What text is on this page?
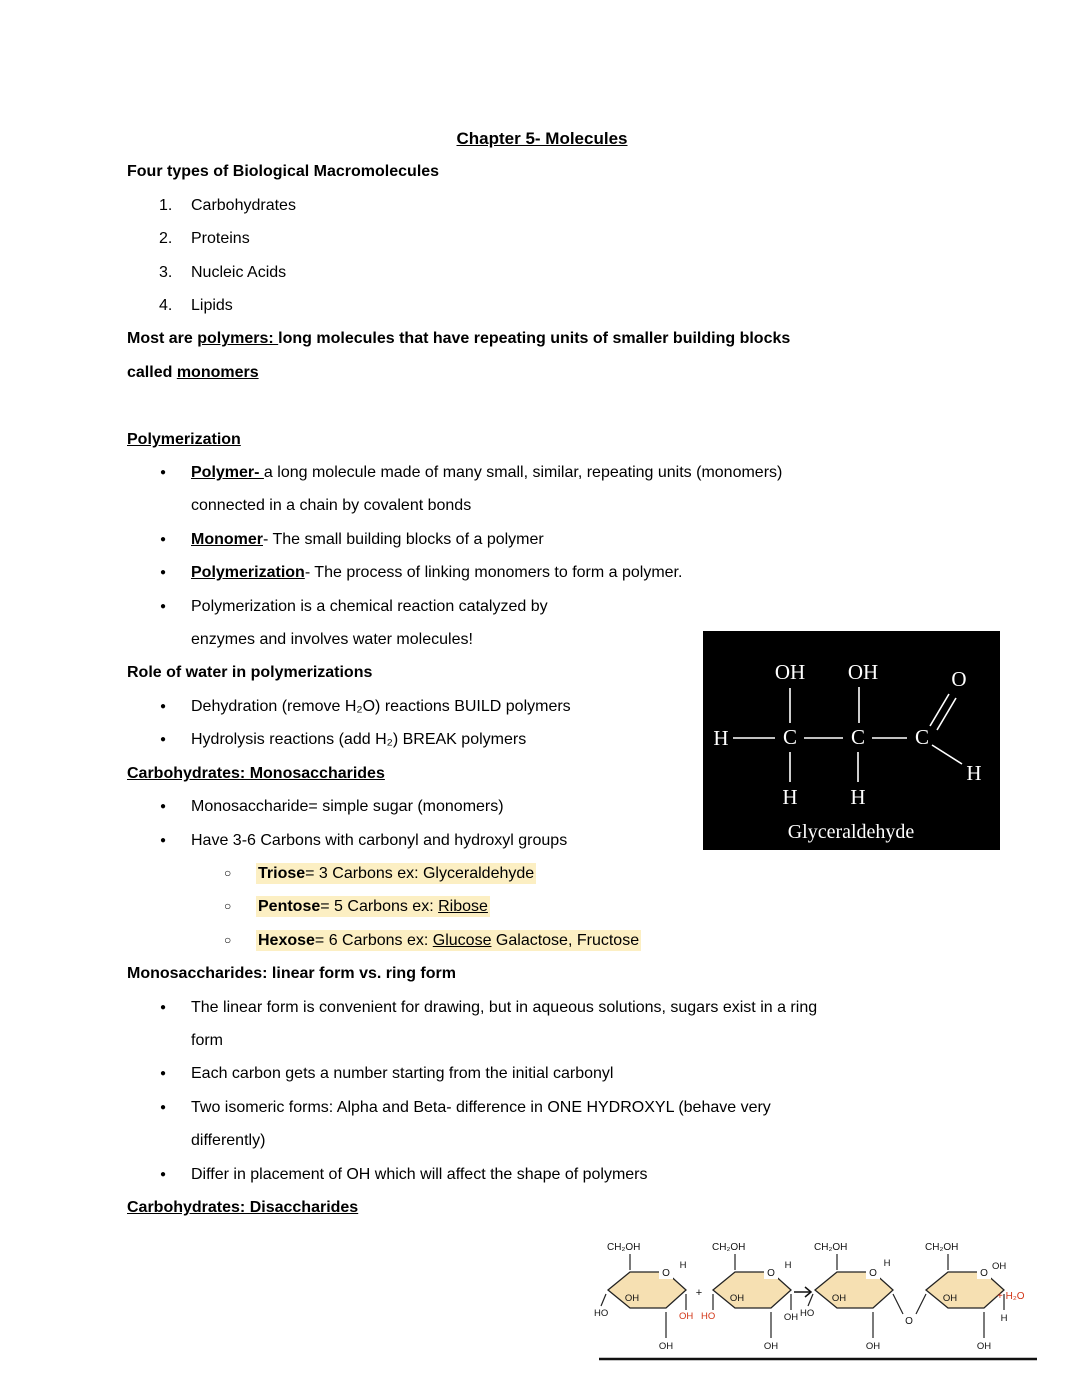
Chapter 5- Molecules
Four types of Biological Macromolecules
1. Carbohydrates
2. Proteins
3. Nucleic Acids
4. Lipids
Most are polymers: long molecules that have repeating units of smaller building blocks
called monomers
Polymerization
● Polymer- a long molecule made of many small, similar, repeating units (monomers)
connected in a chain by covalent bonds
● Monomer- The small building blocks of a polymer
● Polymerization- The process of linking monomers to form a polymer.
● Polymerization is a chemical reaction catalyzed by
enzymes and involves water molecules!
Role of water in polymerizations
● Dehydration (remove H₂O) reactions BUILD polymers
● Hydrolysis reactions (add H₂) BREAK polymers
Carbohydrates: Monosaccharides
● Monosaccharide= simple sugar (monomers)
● Have 3-6 Carbons with carbonyl and hydroxyl groups
○ Triose= 3 Carbons ex: Glyceraldehyde
○ Pentose= 5 Carbons ex: Ribose
○ Hexose= 6 Carbons ex: Glucose Galactose, Fructose
Monosaccharides: linear form vs. ring form
● The linear form is convenient for drawing, but in aqueous solutions, sugars exist in a ring
form
● Each carbon gets a number starting from the initial carbonyl
● Two isomeric forms: Alpha and Beta- difference in ONE HYDROXYL (behave very
differently)
● Differ in placement of OH which will affect the shape of polymers
Carbohydrates: Disaccharides
H	C	C C
OH OH	O
H	H
H
Glyceraldehyde
CH₂OH	CH₂OH	CH₂OH	CH₂OH
O	O	O	O
H	H	H
H
OH	OH	OH	OH
HO	HO
OH
OH
OH	OH	OH	OH
+
O
OH HO
+ H₂O
